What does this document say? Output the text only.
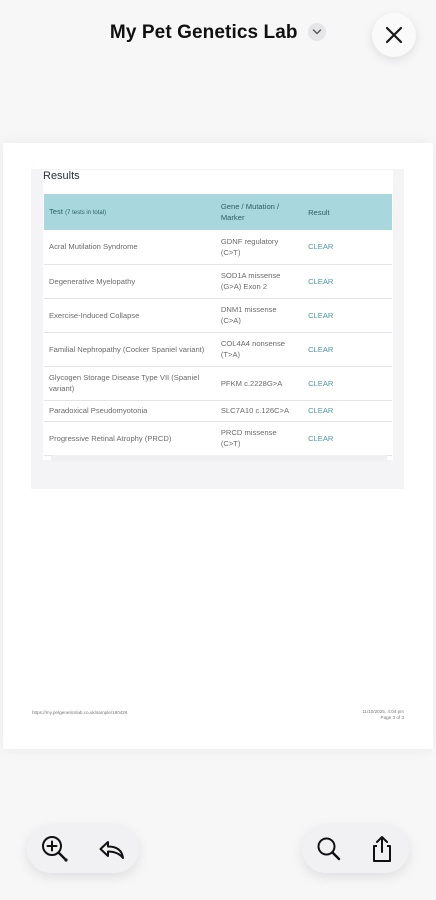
My Pet Genetics Lab
Results
Test (7 tests in total)	Gene / Mutation / Marker	Result
Acral Mutilation Syndrome	GDNF regulatory (C>T)	CLEAR
Degenerative Myelopathy	SOD1A missense (G>A) Exon 2	CLEAR
Exercise-Induced Collapse	DNM1 missense (C>A)	CLEAR
Familial Nephropathy (Cocker Spaniel variant)	COL4A4 nonsense (T>A)	CLEAR
Glycogen Storage Disease Type VII (Spaniel variant)	PFKM c.2228G>A	CLEAR
Paradoxical Pseudomyotonia	SLC7A10 c.126C>A	CLEAR
Progressive Retinal Atrophy (PRCD)	PRCD missense (C>T)	CLEAR
https://my.petgeneticslab.co.uk/sample/180426	11/10/2025, 4:04 pm
Page 3 of 3
